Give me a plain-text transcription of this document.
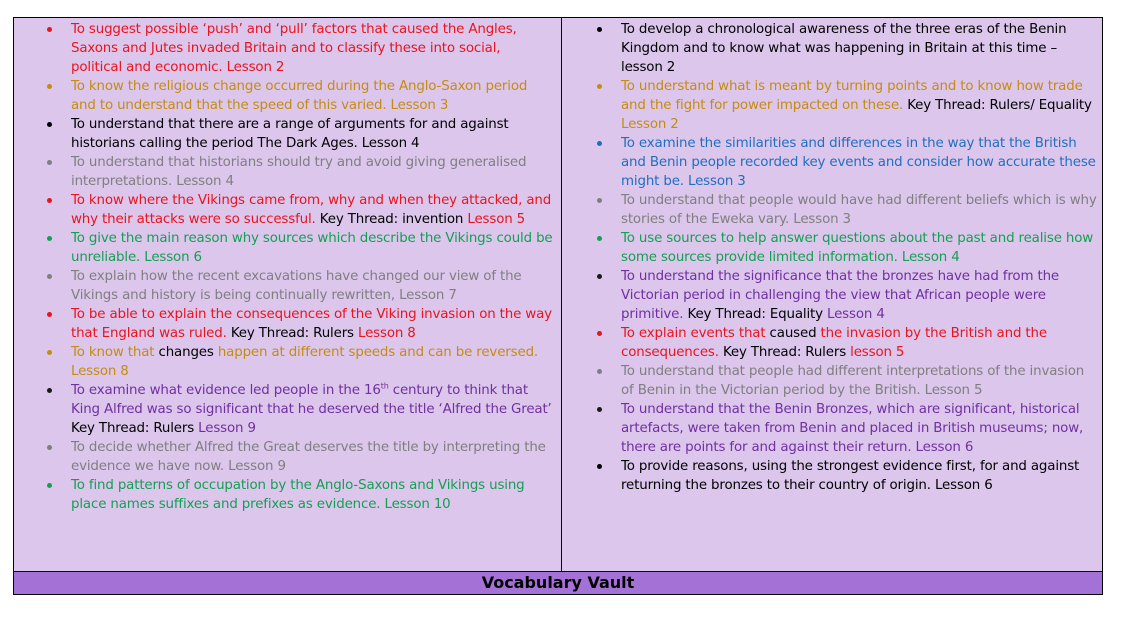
To suggest possible ‘push’ and ‘pull’ factors that caused the Angles, Saxons and Jutes invaded Britain and to classify these into social, political and economic. Lesson 2
To know the religious change occurred during the Anglo-Saxon period and to understand that the speed of this varied. Lesson 3
To understand that there are a range of arguments for and against historians calling the period The Dark Ages. Lesson 4
To understand that historians should try and avoid giving generalised interpretations. Lesson 4
To know where the Vikings came from, why and when they attacked, and why their attacks were so successful. Key Thread: invention Lesson 5
To give the main reason why sources which describe the Vikings could be unreliable. Lesson 6
To explain how the recent excavations have changed our view of the Vikings and history is being continually rewritten, Lesson 7
To be able to explain the consequences of the Viking invasion on the way that England was ruled. Key Thread: Rulers Lesson 8
To know that changes happen at different speeds and can be reversed. Lesson 8
To examine what evidence led people in the 16th century to think that King Alfred was so significant that he deserved the title ‘Alfred the Great’ Key Thread: Rulers Lesson 9
To decide whether Alfred the Great deserves the title by interpreting the evidence we have now. Lesson 9
To find patterns of occupation by the Anglo-Saxons and Vikings using place names suffixes and prefixes as evidence. Lesson 10
To develop a chronological awareness of the three eras of the Benin Kingdom and to know what was happening in Britain at this time – lesson 2
To understand what is meant by turning points and to know how trade and the fight for power impacted on these. Key Thread: Rulers/ Equality Lesson 2
To examine the similarities and differences in the way that the British and Benin people recorded key events and consider how accurate these might be. Lesson 3
To understand that people would have had different beliefs which is why stories of the Eweka vary. Lesson 3
To use sources to help answer questions about the past and realise how some sources provide limited information. Lesson 4
To understand the significance that the bronzes have had from the Victorian period in challenging the view that African people were primitive. Key Thread: Equality Lesson 4
To explain events that caused the invasion by the British and the consequences. Key Thread: Rulers lesson 5
To understand that people had different interpretations of the invasion of Benin in the Victorian period by the British. Lesson 5
To understand that the Benin Bronzes, which are significant, historical artefacts, were taken from Benin and placed in British museums; now, there are points for and against their return. Lesson 6
To provide reasons, using the strongest evidence first, for and against returning the bronzes to their country of origin. Lesson 6
Vocabulary Vault
